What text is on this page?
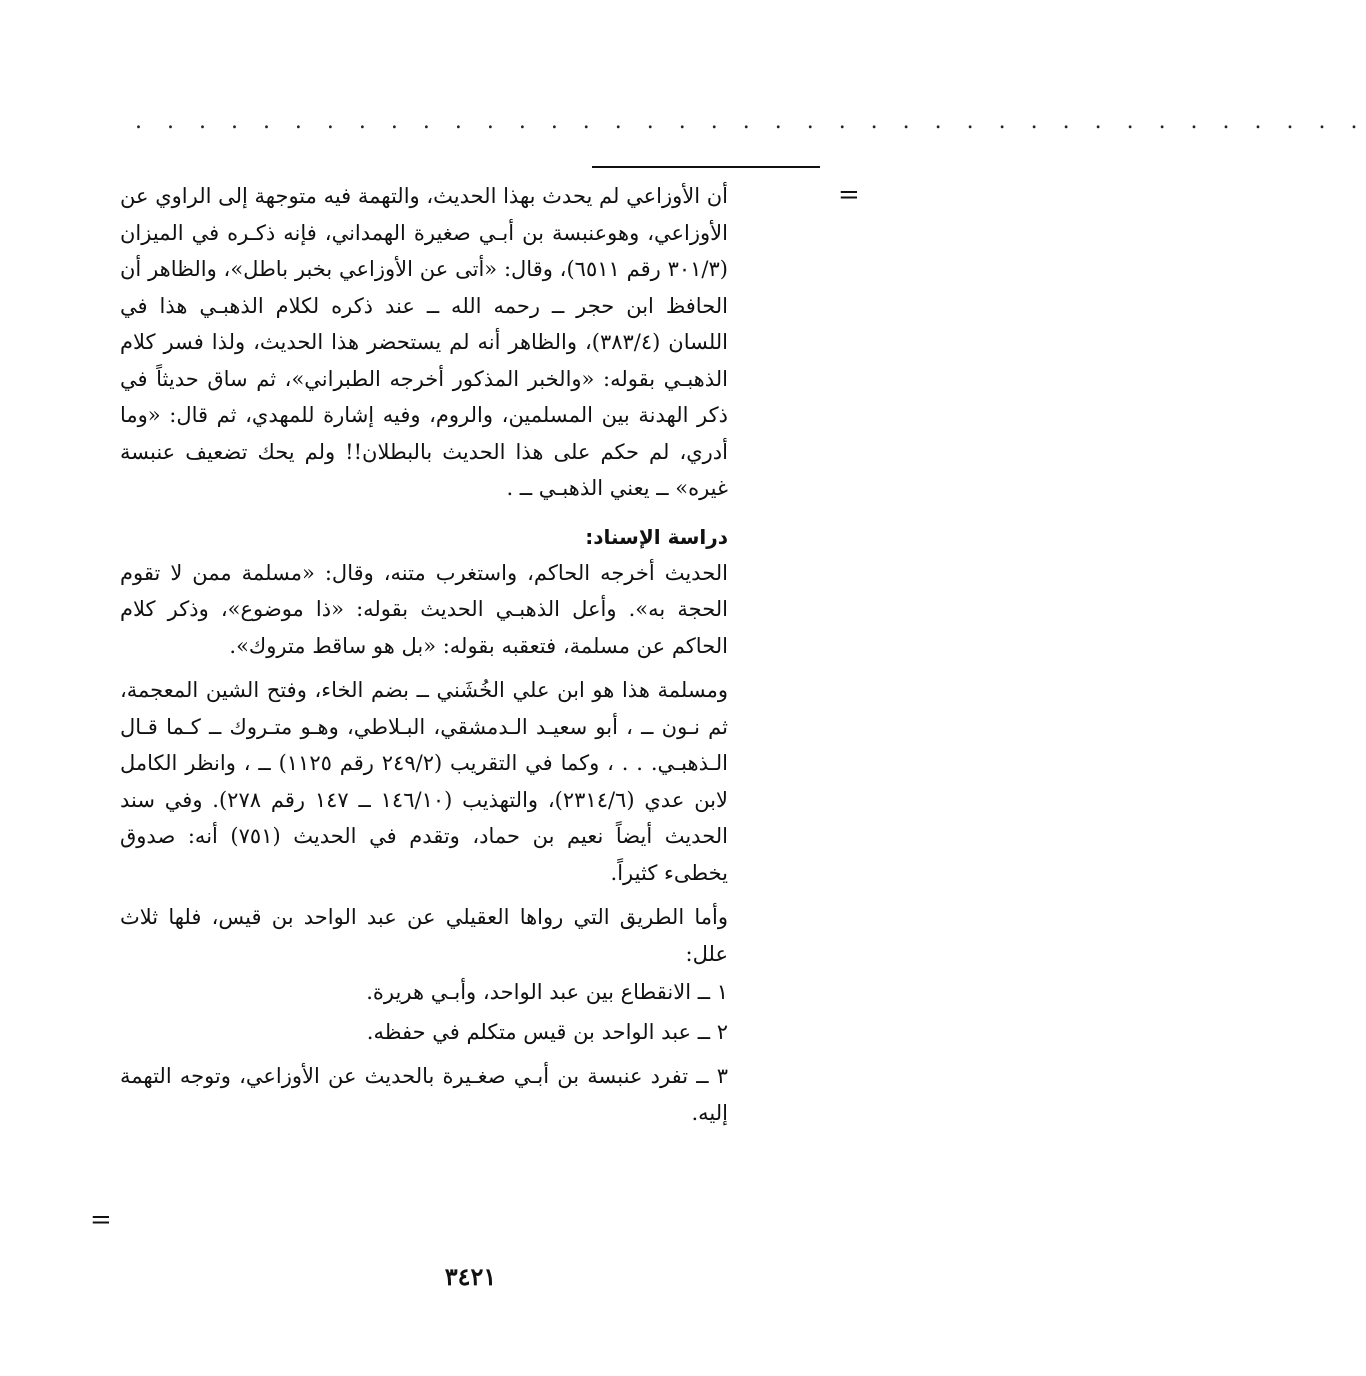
. . . . . . . . . . . . . . . . . . . . . . . . . . . . . . . . . . . . . . .
=

أن الأوزاعي لم يحدث بهذا الحديث، والتهمة فيه متوجهة إلى الراوي عن الأوزاعي، وهوعنبسة بن أبـي صغيرة الهمداني، فإنه ذكـره في الميزان (٣٠١/٣ رقم ٦٥١١)، وقال: «أتى عن الأوزاعي بخبر باطل»، والظاهر أن الحافظ ابن حجر ــ رحمه الله ــ عند ذكره لكلام الذهبـي هذا في اللسان (٣٨٣/٤)، والظاهر أنه لم يستحضر هذا الحديث، ولذا فسر كلام الذهبـي بقوله: «والخبر المذكور أخرجه الطبراني»، ثم ساق حديثاً في ذكر الهدنة بين المسلمين، والروم، وفيه إشارة للمهدي، ثم قال: «وما أدري، لم حكم على هذا الحديث بالبطلان!! ولم يحك تضعيف عنبسة غيره» ــ يعني الذهبـي ــ .

دراسة الإسناد:

الحديث أخرجه الحاكم، واستغرب متنه، وقال: «مسلمة ممن لا تقوم الحجة به». وأعل الذهبـي الحديث بقوله: «ذا موضوع»، وذكر كلام الحاكم عن مسلمة، فتعقبه بقوله: «بل هو ساقط متروك».

ومسلمة هذا هو ابن علي الخُشَني ــ بضم الخاء، وفتح الشين المعجمة، ثم نـون ــ ، أبو سعيـد الـدمشقي، البـلاطي، وهـو متـروك ــ كـما قـال الـذهبـي. . . ، وكما في التقريب (٢٤٩/٢ رقم ١١٢٥) ــ ، وانظر الكامل لابن عدي (٢٣١٤/٦)، والتهذيب (١٤٦/١٠ ــ ١٤٧ رقم ٢٧٨). وفي سند الحديث أيضاً نعيم بن حماد، وتقدم في الحديث (٧٥١) أنه: صدوق يخطىء كثيراً.

وأما الطريق التي رواها العقيلي عن عبد الواحد بن قيس، فلها ثلاث علل:

١ ــ الانقطاع بين عبد الواحد، وأبـي هريرة.

٢ ــ عبد الواحد بن قيس متكلم في حفظه.

٣ ــ تفرد عنبسة بن أبـي صغـيرة بالحديث عن الأوزاعي، وتوجه التهمة إليه.

=
٣٤٢١
